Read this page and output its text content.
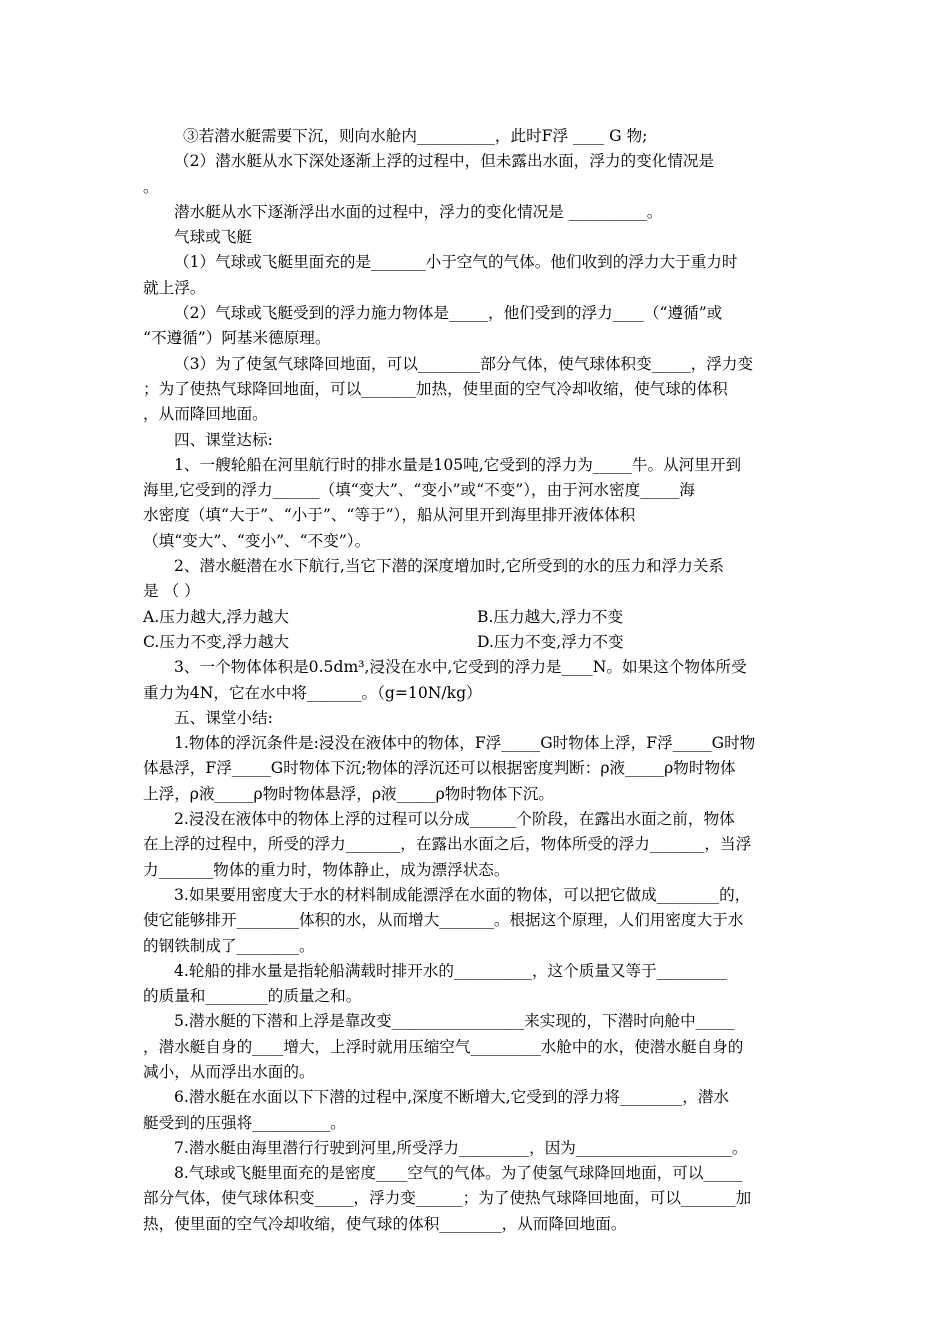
③若潜水艇需要下沉，则向水舱内__________，此时F浮 ____ G 物;
（2）潜水艇从水下深处逐渐上浮的过程中，但未露出水面，浮力的变化情况是
。
潜水艇从水下逐渐浮出水面的过程中，浮力的变化情况是 __________。
气球或飞艇
（1）气球或飞艇里面充的是_______小于空气的气体。他们收到的浮力大于重力时
就上浮。
（2）气球或飞艇受到的浮力施力物体是_____，他们受到的浮力____（“遵循”或
“不遵循”）阿基米德原理。
（3）为了使氢气球降回地面，可以________部分气体，使气球体积变_____，浮力变
；为了使热气球降回地面，可以_______加热，使里面的空气冷却收缩，使气球的体积
，从而降回地面。
四、课堂达标:
1、一艘轮船在河里航行时的排水量是105吨,它受到的浮力为_____牛。从河里开到
海里,它受到的浮力______（填“变大”、“变小”或“不变”），由于河水密度_____海
水密度（填“大于”、“小于”、“等于”），船从河里开到海里排开液体体积
（填“变大”、“变小”、“不变”）。
2、潜水艇潜在水下航行,当它下潜的深度增加时,它所受到的水的压力和浮力关系
是 （ ）
A.压力越大,浮力越大	B.压力越大,浮力不变
C.压力不变,浮力越大	D.压力不变,浮力不变
3、一个物体体积是0.5dm³,浸没在水中,它受到的浮力是____N。如果这个物体所受
重力为4N，它在水中将_______。（g=10N/kg）
五、课堂小结:
1.物体的浮沉条件是:浸没在液体中的物体，F浮_____G时物体上浮，F浮_____G时物
体悬浮，F浮_____G时物体下沉;物体的浮沉还可以根据密度判断：ρ液_____ρ物时物体
上浮，ρ液_____ρ物时物体悬浮，ρ液_____ρ物时物体下沉。
2.浸没在液体中的物体上浮的过程可以分成______个阶段，在露出水面之前，物体
在上浮的过程中，所受的浮力_______，在露出水面之后，物体所受的浮力_______，当浮
力_______物体的重力时，物体静止，成为漂浮状态。
3.如果要用密度大于水的材料制成能漂浮在水面的物体，可以把它做成________的，
使它能够排开________体积的水，从而增大_______。根据这个原理，人们用密度大于水
的钢铁制成了________。
4.轮船的排水量是指轮船满载时排开水的__________，这个质量又等于_________
的质量和________的质量之和。
5.潜水艇的下潜和上浮是靠改变_________________来实现的，下潜时向舱中_____
，潜水艇自身的____增大，上浮时就用压缩空气_________水舱中的水，使潜水艇自身的
减小，从而浮出水面的。
6.潜水艇在水面以下下潜的过程中,深度不断增大,它受到的浮力将________，潜水
艇受到的压强将__________。
7.潜水艇由海里潜行行驶到河里,所受浮力_________，因为____________________。
8.气球或飞艇里面充的是密度____空气的气体。为了使氢气球降回地面，可以_____
部分气体，使气球体积变_____，浮力变______；为了使热气球降回地面，可以_______加
热，使里面的空气冷却收缩，使气球的体积________，从而降回地面。
